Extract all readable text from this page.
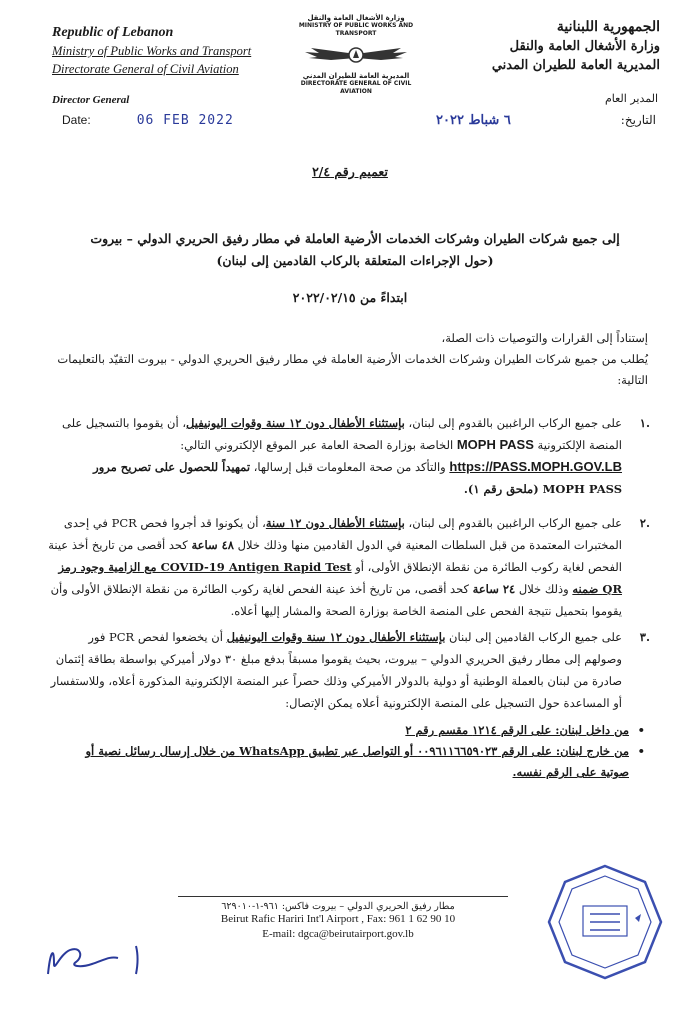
Republic of Lebanon
Ministry of Public Works and Transport
Directorate General of Civil Aviation
وزارة الأشغال العامة والنقل
MINISTRY OF PUBLIC WORKS AND TRANSPORT
المديرية العامة للطيران المدني
DIRECTORATE GENERAL OF CIVIL AVIATION
الجمهورية اللبنانية
وزارة الأشغال العامة والنقل
المديرية العامة للطيران المدني
Director General	المدير العام
Date:	06 FEB 2022	التاريخ:٦ شباط ٢٠٢٢
تعميم رقم ٢/٤
إلى جميع شركات الطيران وشركات الخدمات الأرضية العاملة في مطار رفيق الحريري الدولي – بيروت
(حول الإجراءات المتعلقة بالركاب القادمين إلى لبنان)
ابتداءً من ٢٠٢٢/٠٢/١٥
إستناداً إلى القرارات والتوصيات ذات الصلة،
يُطلب من جميع شركات الطيران وشركات الخدمات الأرضية العاملة في مطار رفيق الحريري الدولي - بيروت التقيّد بالتعليمات التالية:
.١
على جميع الركاب الراغبين بالقدوم إلى لبنان، بإستثناء الأطفال دون ١٢ سنة وقوات اليونيفيل، أن يقوموا بالتسجيل على المنصة الإلكترونية MOPH PASS الخاصة بوزارة الصحة العامة عبر الموقع الإلكتروني التالي: https://PASS.MOPH.GOV.LB والتأكد من صحة المعلومات قبل إرسالها، تمهيداً للحصول على تصريح مرور MOPH PASS (ملحق رقم ١).
.٢
على جميع الركاب الراغبين بالقدوم إلى لبنان، بإستثناء الأطفال دون ١٢ سنة، أن يكونوا قد أجروا فحص PCR في إحدى المختبرات المعتمدة من قبل السلطات المعنية في الدول القادمين منها وذلك خلال ٤٨ ساعة كحد أقصى من تاريخ أخذ عينة الفحص لغاية ركوب الطائرة من نقطة الإنطلاق الأولى، أو COVID-19 Antigen Rapid Test مع الزامية وجود رمز QR ضمنه وذلك خلال ٢٤ ساعة كحد أقصى، من تاريخ أخذ عينة الفحص لغاية ركوب الطائرة من نقطة الإنطلاق الأولى وأن يقوموا بتحميل نتيجة الفحص على المنصة الخاصة بوزارة الصحة والمشار إليها أعلاه.
.٣
على جميع الركاب القادمين إلى لبنان بإستثناء الأطفال دون ١٢ سنة وقوات اليونيفيل أن يخضعوا لفحص PCR فور وصولهم إلى مطار رفيق الحريري الدولي – بيروت، بحيث يقوموا مسبقاً بدفع مبلغ ٣٠ دولار أميركي بواسطة بطاقة إئتمان صادرة من لبنان بالعملة الوطنية أو دولية بالدولار الأميركي وذلك حصراً عبر المنصة الإلكترونية المذكورة أعلاه، وللاستفسار أو المساعدة حول التسجيل على المنصة الإلكترونية أعلاه يمكن الإتصال:
• من داخل لبنان: على الرقم ١٢١٤ مقسم رقم ٢
• من خارج لبنان: على الرقم ٠٠٩٦١١٦٦٥٩٠٢٣ أو التواصل عبر تطبيق WhatsApp من خلال إرسال رسائل نصية أو صوتية على الرقم نفسه.
مطار رفيق الحريري الدولي – بيروت فاكس: ٩٦١-١-٦٢٩٠١٠
Beirut Rafic Hariri Int'l Airport , Fax: 961 1 62 90 10
E-mail: dgca@beirutairport.gov.lb
